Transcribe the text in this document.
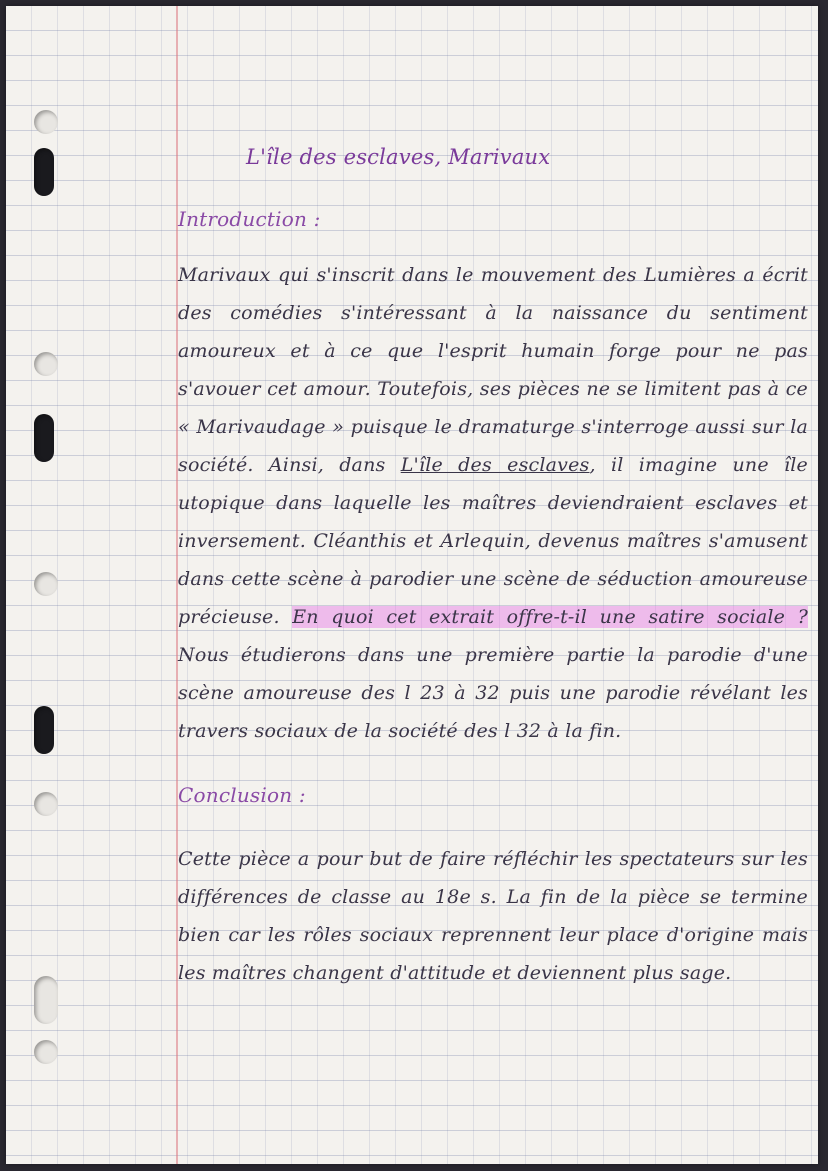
L'île des esclaves, Marivaux
Introduction :
Marivaux qui s'inscrit dans le mouvement des Lumières a écrit des comédies s'intéressant à la naissance du sentiment amoureux et à ce que l'esprit humain forge pour ne pas s'avouer cet amour. Toutefois, ses pièces ne se limitent pas à ce « Marivaudage » puisque le dramaturge s'interroge aussi sur la société. Ainsi, dans L'île des esclaves, il imagine une île utopique dans laquelle les maîtres deviendraient esclaves et inversement. Cléanthis et Arlequin, devenus maîtres s'amusent dans cette scène à parodier une scène de séduction amoureuse précieuse. En quoi cet extrait offre-t-il une satire sociale ? Nous étudierons dans une première partie la parodie d'une scène amoureuse des l 23 à 32 puis une parodie révélant les travers sociaux de la société des l 32 à la fin.
Conclusion :
Cette pièce a pour but de faire réfléchir les spectateurs sur les différences de classe au 18e s. La fin de la pièce se termine bien car les rôles sociaux reprennent leur place d'origine mais les maîtres changent d'attitude et deviennent plus sage.
